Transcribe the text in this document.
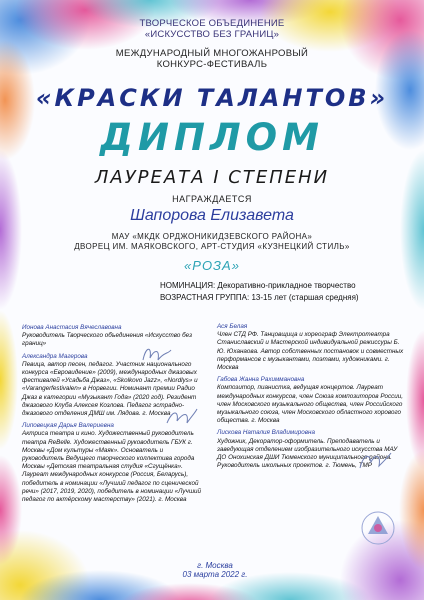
ТВОРЧЕСКОЕ ОБЪЕДИНЕНИЕ
«ИСКУССТВО БЕЗ ГРАНИЦ»
МЕЖДУНАРОДНЫЙ МНОГОЖАНРОВЫЙ
КОНКУРС-ФЕСТИВАЛЬ
«КРАСКИ ТАЛАНТОВ»
ДИПЛОМ
ЛАУРЕАТА I СТЕПЕНИ
НАГРАЖДАЕТСЯ
Шапорова Елизавета
МАУ «МКДК ОРДЖОНИКИДЗЕВСКОГО РАЙОНА»
ДВОРЕЦ ИМ. МАЯКОВСКОГО, АРТ-СТУДИЯ «КУЗНЕЦКИЙ СТИЛЬ»
«РОЗА»
НОМИНАЦИЯ: Декоративно-прикладное творчество
ВОЗРАСТНАЯ ГРУППА: 13-15 лет (старшая средняя)

Ионова Анастасия Вячеславовна
Руководитель Творческого объединения «Искусство без границ»

Александра Магерова
Певица, автор песен, педагог. Участник национального конкурса «Евровидение» (2009), международных джазовых фестивалей «Усадьба Джаз», «Skolkovo Jazz», «Nordlys» и «Varangerfestivalen» в Норвегии. Номинант премии Радио Джаз в категории «Музыкант Года» (2020 год). Резидент джазового Клуба Алексея Козлова. Педагог эстрадно-джазового отделения ДМШ им. Лядова. г. Москва

Липовецкая Дарья Валериевна
Актриса театра и кино. Художественный руководитель театра ReBelle. Художественный руководитель ГБУК г. Москвы «Дом культуры «Маяк». Основатель и руководитель Ведущего творческого коллектива города Москвы «Детская театральная студия «Сгущёнка». Лауреат международных конкурсов (Россия, Беларусь), победитель в номинации «Лучший педагог по сценической речи» (2017, 2019, 2020), победитель в номинации «Лучший педагог по актёрскому мастерству» (2021). г. Москва

Ася Белая
Член СТД РФ. Танцовщица и хореограф Электротеатра Станиславский и Мастерской индивидуальной режиссуры Б. Ю. Юханаова. Автор собственных постановок и совместных перформансов с музыкантами, поэтами, художниками. г. Москва

Габова Жанна Рахиммановна
Композитор, пианистка, ведущая концертов. Лауреат международных конкурсов, член Союза композиторов России, член Московского музыкального общества, член Российского музыкального союза, член Московского областного хорового общества. г. Москва

Лискова Наталия Владимировна
Художник, Декоратор-оформитель. Преподаватель и заведующая отделением изобразительного искусства МАУ ДО Онохинская ДШИ Тюменского муниципального района. Руководитель школьных проектов. г. Тюмень, ТМР

г. Москва
03 марта 2022 г.
